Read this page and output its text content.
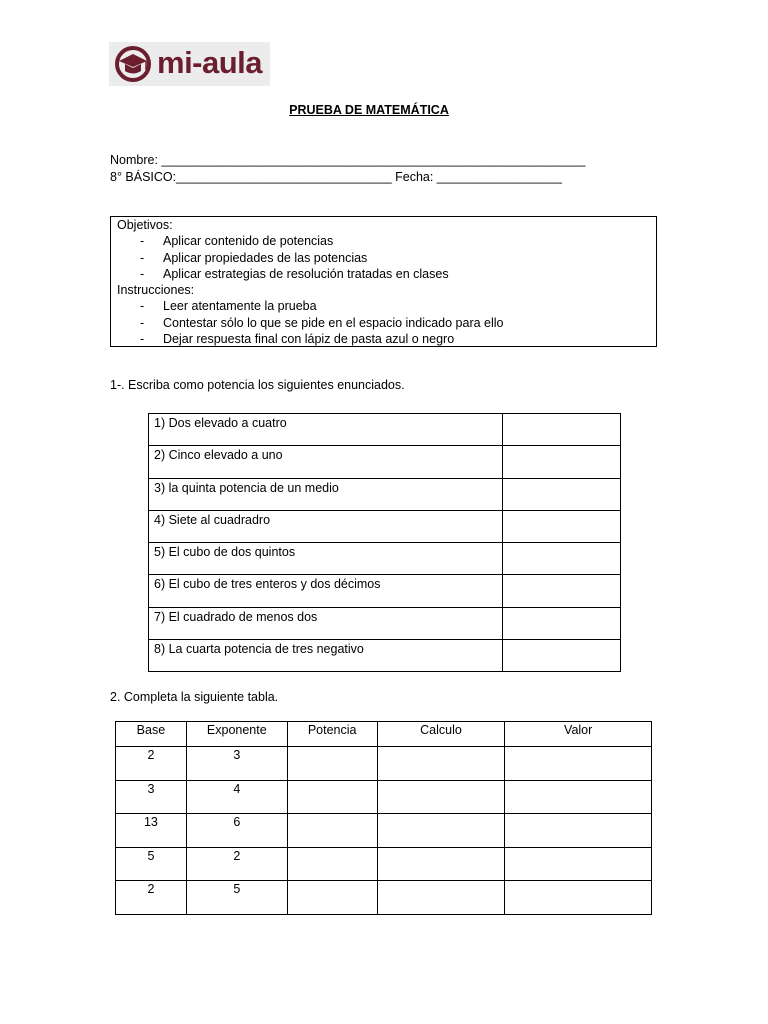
mi-aula
PRUEBA DE MATEMÁTICA
Nombre: _____________________________________________________________
8° BÁSICO:_______________________________ Fecha: __________________
Objetivos:
- Aplicar contenido de potencias
- Aplicar propiedades de las potencias
- Aplicar estrategias de resolución tratadas en clases
Instrucciones:
- Leer atentamente la prueba
- Contestar sólo lo que se pide en el espacio indicado para ello
- Dejar respuesta final con lápiz de pasta azul o negro
1-. Escriba como potencia los siguientes enunciados.
1) Dos elevado a cuatro	
2) Cinco elevado a uno	
3) la quinta potencia de un medio	
4) Siete al cuadradro	
5) El cubo de dos quintos	
6) El cubo de tres enteros y dos décimos	
7) El cuadrado de menos dos	
8) La cuarta potencia de tres negativo	
2. Completa la siguiente tabla.
Base	Exponente	Potencia	Calculo	Valor
2	3			
3	4			
13	6			
5	2			
2	5			
